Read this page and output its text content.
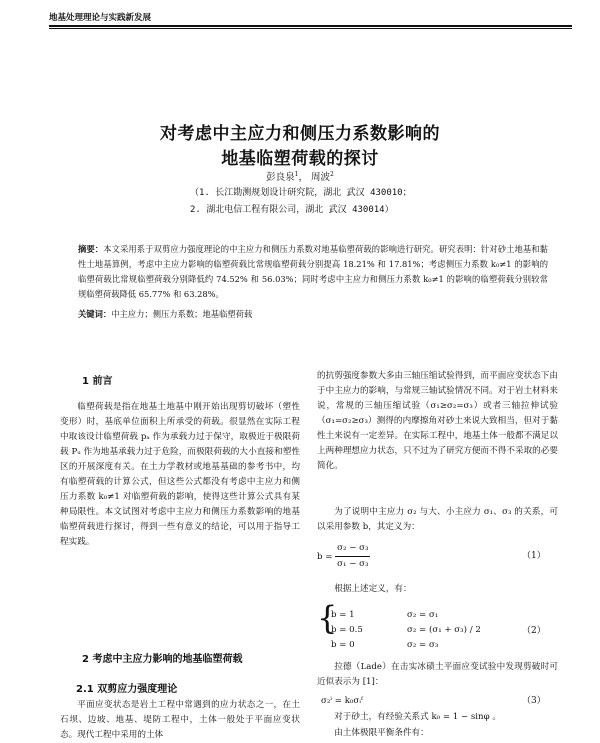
地基处理理论与实践新发展
对考虑中主应力和侧压力系数影响的
地基临塑荷载的探讨
彭良泉$^1$， 周波$^2$
（1. 长江勘测规划设计研究院，湖北 武汉 430010；
2. 湖北电信工程有限公司，湖北 武汉 430014）
摘要：本文采用系于双剪应力强度理论的中主应力和侧压力系数对地基临塑荷载的影响进行研究。研究表明：针对砂土地基和黏性土地基算例，考虑中主应力影响的临塑荷载比常规临塑荷载分别提高 18.21% 和 17.81%；考虑侧压力系数 k₀≠1 的影响的临塑荷载比常规临塑荷载分别降低约 74.52% 和 56.03%；同时考虑中主应力和侧压力系数 k₀≠1 的影响的临塑荷载分别较常规临塑荷载降低 65.77% 和 63.28%。
关键词：中主应力；侧压力系数；地基临塑荷载
1 前言
临塑荷载是指在地基土地基中刚开始出现剪切破坏（塑性变形）时，基底单位面积上所承受的荷载。很显然在实际工程中取该设计临塑荷载 pₐ 作为承载力过于保守，取极近于极限荷载 Pᵤ 作为地基承载力过于危险，而极限荷载的大小直接和塑性区的开展深度有关。在土力学教材或地基基础的参考书中，均有临塑荷载的计算公式，但这些公式都没有考虑中主应力和侧压力系数 k₀≠1 对临塑荷载的影响，使得这些计算公式具有某种局限性。本文试图对考虑中主应力和侧压力系数影响的地基临塑荷载进行探讨，得到一些有意义的结论，可以用于指导工程实践。
2 考虑中主应力影响的地基临塑荷载
2.1 双剪应力强度理论
平面应变状态是岩土工程中常遇到的应力状态之一，在土石坝、边坡、地基、堤防工程中，土体一般处于平面应变状态。现代工程中采用的土体
的抗剪强度参数大多由三轴压缩试验得到，而平面应变状态下由于中主应力的影响，与常规三轴试验情况不同。对于岩土材料来说，常规的三轴压缩试验（σ₁≥σ₂=σ₃）或者三轴拉伸试验（σ₁=σ₂≥σ₃）测得的内摩擦角对砂土来说大致相当，但对于黏性土来说有一定差异。在实际工程中，地基土体一般都不满足以上两种理想应力状态，只不过为了研究方便而不得不采取的必要简化。
为了说明中主应力 σ₂ 与大、小主应力 σ₁、σ₃ 的关系，可以采用参数 b，其定义为：
$b = \frac{\text{σ₂ − σ₃}}{\text{σ₁ − σ₃}}$	（1）
根据上述定义，有：
{
b = 1	σ₂ = σ₁
b = 0.5	σ₂ = (σ₁ + σ₃) / 2
b = 0	σ₂ = σ₃
（2）
拉德（Lade）在击实冰碛土平面应变试验中发现剪破时可近似表示为 [1]：
σ₂ⁱ = k₀σᵢᶠ	（3）
对于砂土，有经验关系式 k₀ = 1 − sinφ 。
由土体极限平衡条件有：
